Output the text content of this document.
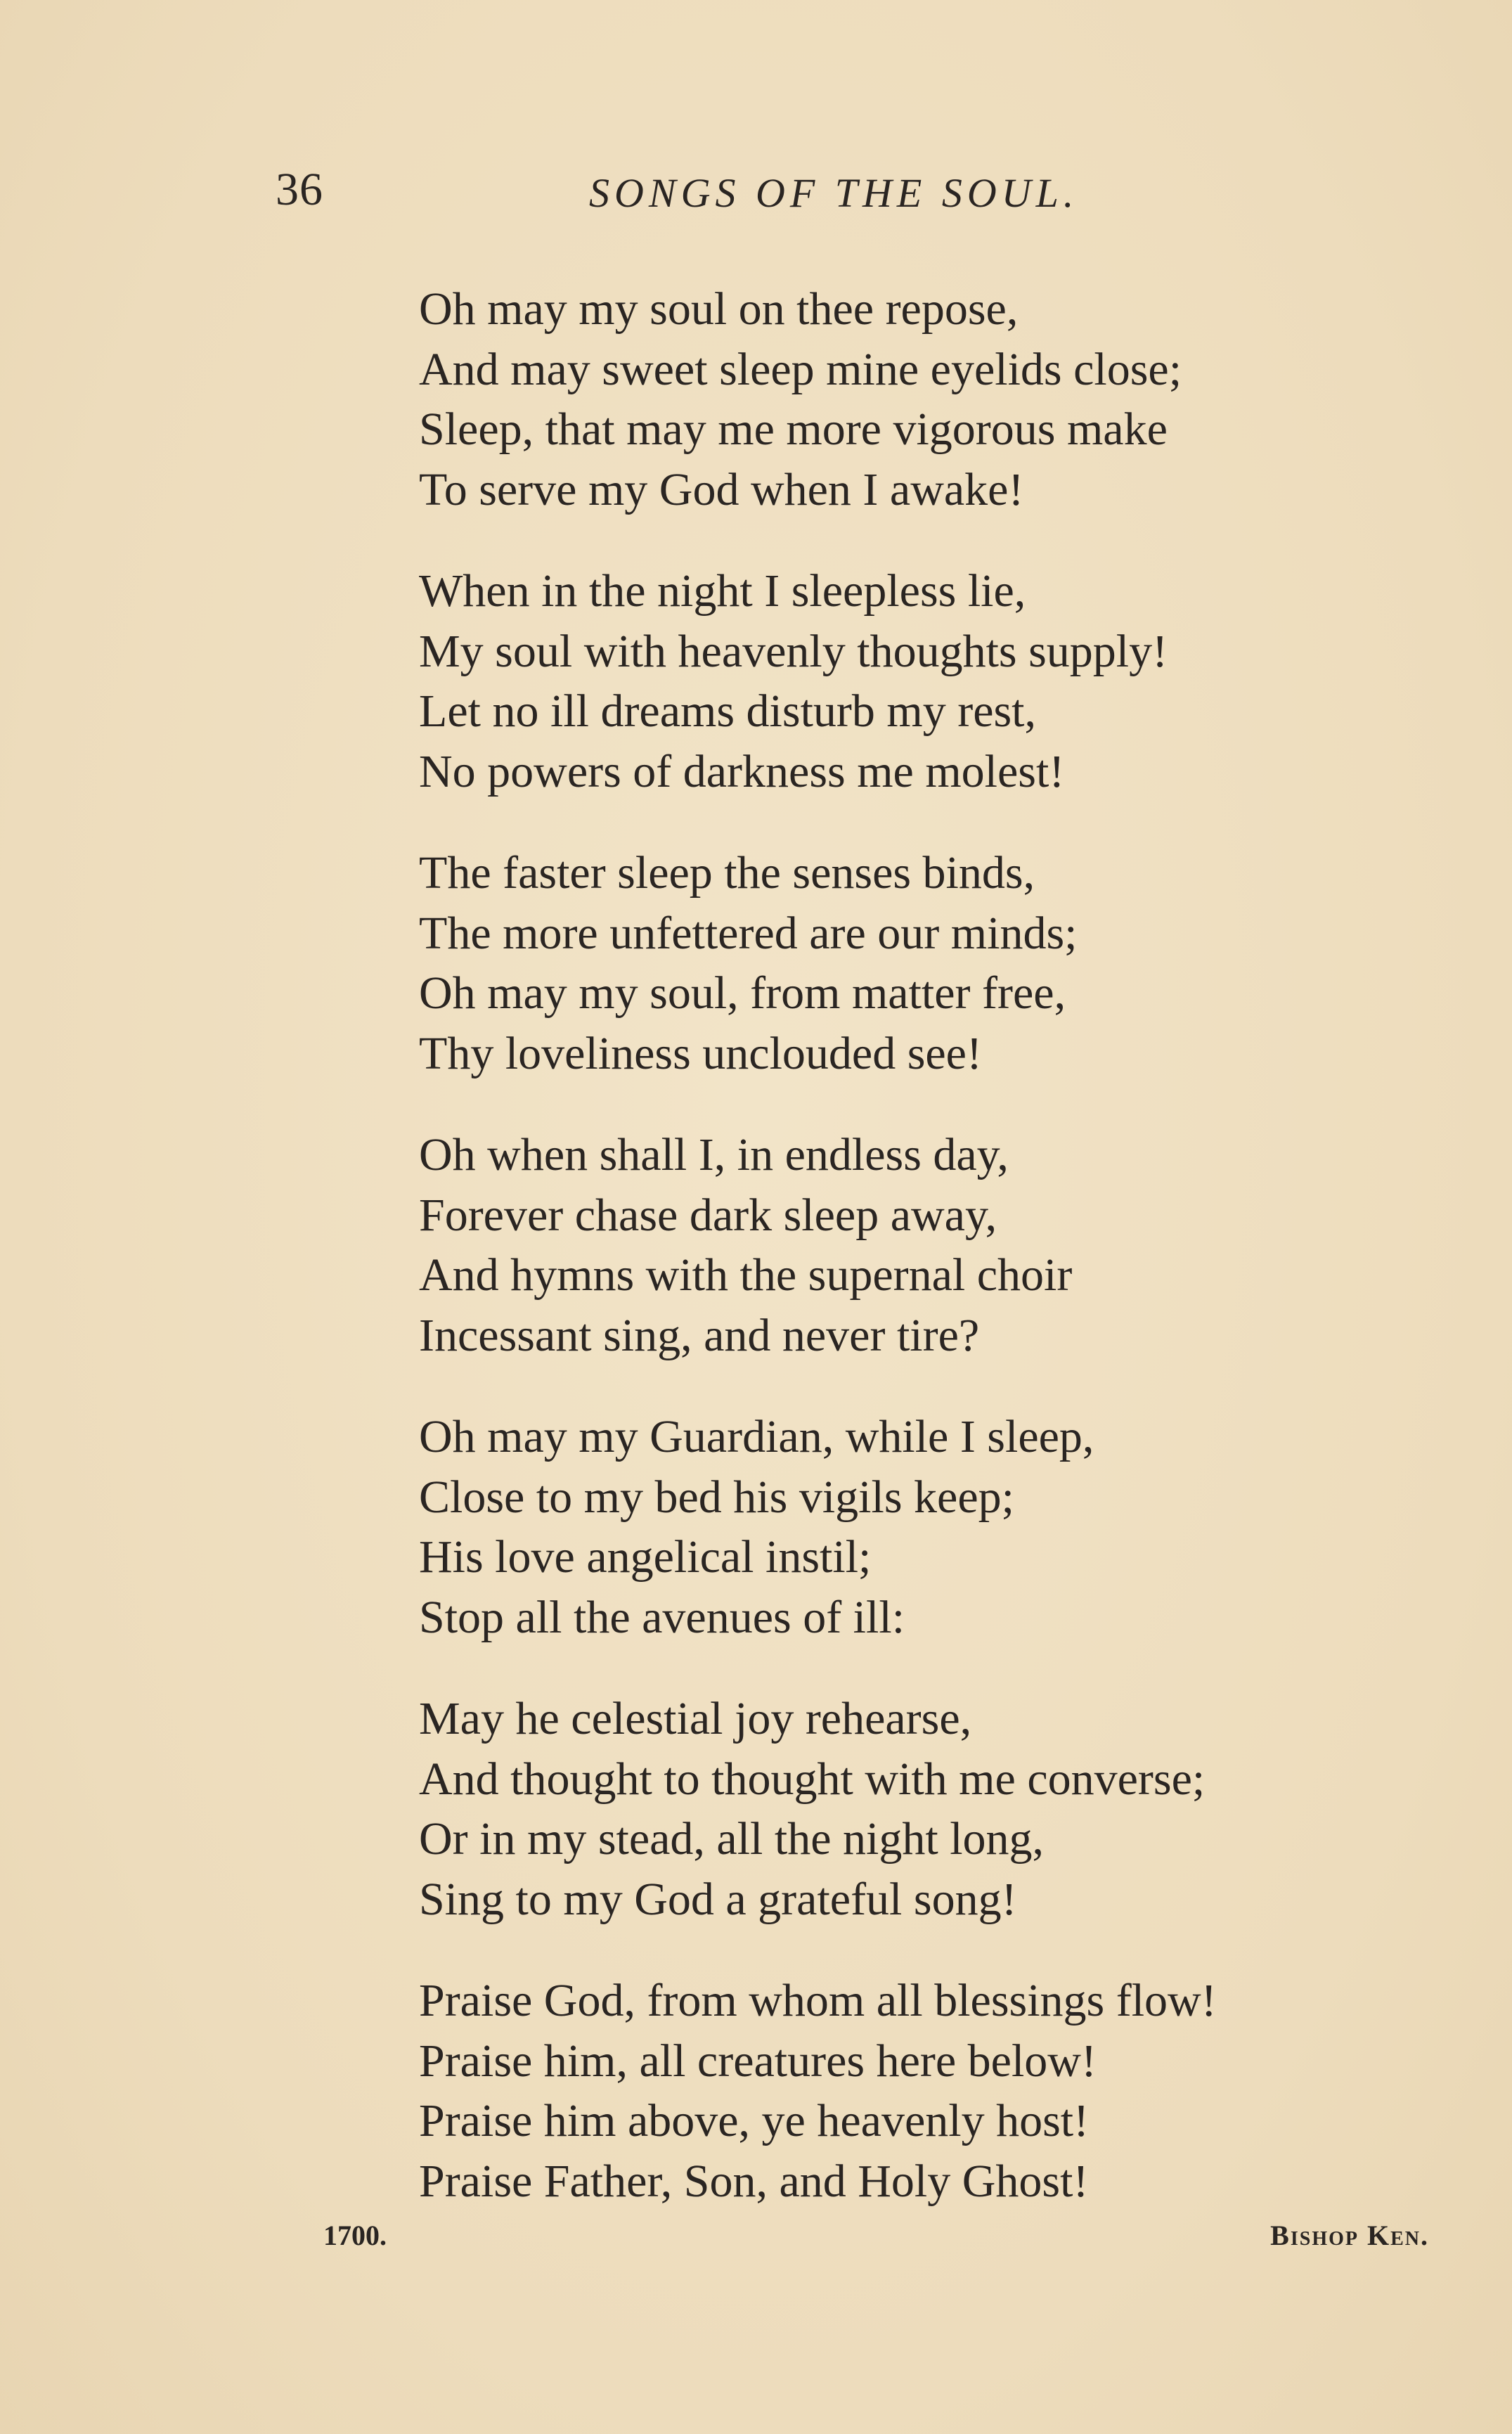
36	SONGS OF THE SOUL.

Oh may my soul on thee repose,
And may sweet sleep mine eyelids close;
Sleep, that may me more vigorous make
To serve my God when I awake!

When in the night I sleepless lie,
My soul with heavenly thoughts supply!
Let no ill dreams disturb my rest,
No powers of darkness me molest!

The faster sleep the senses binds,
The more unfettered are our minds;
Oh may my soul, from matter free,
Thy loveliness unclouded see!

Oh when shall I, in endless day,
Forever chase dark sleep away,
And hymns with the supernal choir
Incessant sing, and never tire?

Oh may my Guardian, while I sleep,
Close to my bed his vigils keep;
His love angelical instil;
Stop all the avenues of ill:

May he celestial joy rehearse,
And thought to thought with me converse;
Or in my stead, all the night long,
Sing to my God a grateful song!

Praise God, from whom all blessings flow!
Praise him, all creatures here below!
Praise him above, ye heavenly host!
Praise Father, Son, and Holy Ghost!

1700.	Bishop Ken.
